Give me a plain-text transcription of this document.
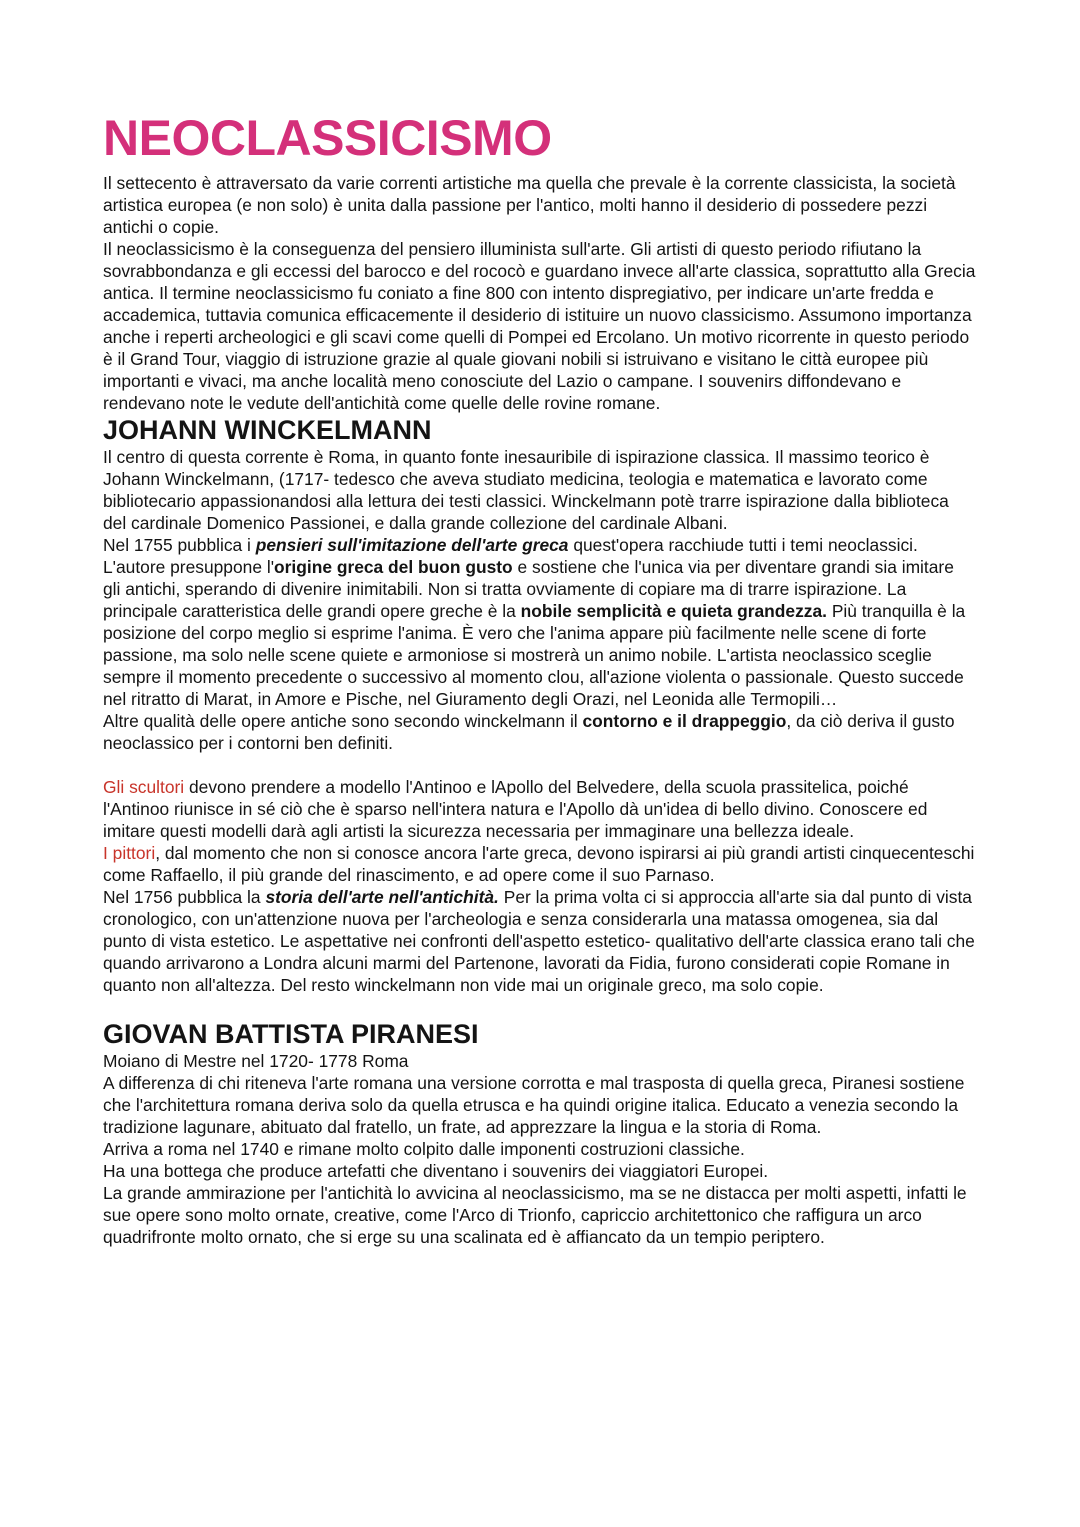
NEOCLASSICISMO

Il settecento è attraversato da varie correnti artistiche ma quella che prevale è la corrente classicista, la società artistica europea (e non solo) è unita dalla passione per l'antico, molti hanno il desiderio di possedere pezzi antichi o copie.

Il neoclassicismo è la conseguenza del pensiero illuminista sull'arte. Gli artisti di questo periodo rifiutano la sovrabbondanza e gli eccessi del barocco e del rococò e guardano invece all'arte classica, soprattutto alla Grecia antica. Il termine neoclassicismo fu coniato a fine 800 con intento dispregiativo, per indicare un'arte fredda e accademica, tuttavia comunica efficacemente il desiderio di istituire un nuovo classicismo. Assumono importanza anche i reperti archeologici e gli scavi come quelli di Pompei ed Ercolano. Un motivo ricorrente in questo periodo è il Grand Tour, viaggio di istruzione grazie al quale giovani nobili si istruivano e visitano le città europee più importanti e vivaci, ma anche località meno conosciute del Lazio o campane. I souvenirs diffondevano e rendevano note le vedute dell'antichità come quelle delle rovine romane.

JOHANN WINCKELMANN

Il centro di questa corrente è Roma, in quanto fonte inesauribile di ispirazione classica. Il massimo teorico è Johann Winckelmann, (1717- tedesco che aveva studiato medicina, teologia e matematica e lavorato come bibliotecario appassionandosi alla lettura dei testi classici. Winckelmann potè trarre ispirazione dalla biblioteca del cardinale Domenico Passionei, e dalla grande collezione del cardinale Albani.

Nel 1755 pubblica i pensieri sull'imitazione dell'arte greca quest'opera racchiude tutti i temi neoclassici. L'autore presuppone l'origine greca del buon gusto e sostiene che l'unica via per diventare grandi sia imitare gli antichi, sperando di divenire inimitabili. Non si tratta ovviamente di copiare ma di trarre ispirazione. La principale caratteristica delle grandi opere greche è la nobile semplicità e quieta grandezza. Più tranquilla è la posizione del corpo meglio si esprime l'anima. È vero che l'anima appare più facilmente nelle scene di forte passione, ma solo nelle scene quiete e armoniose si mostrerà un animo nobile. L'artista neoclassico sceglie sempre il momento precedente o successivo al momento clou, all'azione violenta o passionale. Questo succede nel ritratto di Marat, in Amore e Pische, nel Giuramento degli Orazi, nel Leonida alle Termopili…

Altre qualità delle opere antiche sono secondo winckelmann il contorno e il drappeggio, da ciò deriva il gusto neoclassico per i contorni ben definiti.

Gli scultori devono prendere a modello l'Antinoo e lApollo del Belvedere, della scuola prassitelica, poiché l'Antinoo riunisce in sé ciò che è sparso nell'intera natura e l'Apollo dà un'idea di bello divino. Conoscere ed imitare questi modelli darà agli artisti la sicurezza necessaria per immaginare una bellezza ideale.

I pittori, dal momento che non si conosce ancora l'arte greca, devono ispirarsi ai più grandi artisti cinquecenteschi come Raffaello, il più grande del rinascimento, e ad opere come il suo Parnaso.

Nel 1756 pubblica la storia dell'arte nell'antichità. Per la prima volta ci si approccia all'arte sia dal punto di vista cronologico, con un'attenzione nuova per l'archeologia e senza considerarla una matassa omogenea, sia dal punto di vista estetico. Le aspettative nei confronti dell'aspetto estetico- qualitativo dell'arte classica erano tali che quando arrivarono a Londra alcuni marmi del Partenone, lavorati da Fidia, furono considerati copie Romane in quanto non all'altezza. Del resto winckelmann non vide mai un originale greco, ma solo copie.

GIOVAN BATTISTA PIRANESI

Moiano di Mestre nel 1720- 1778 Roma

A differenza di chi riteneva l'arte romana una versione corrotta e mal trasposta di quella greca, Piranesi sostiene che l'architettura romana deriva solo da quella etrusca e ha quindi origine italica. Educato a venezia secondo la tradizione lagunare, abituato dal fratello, un frate, ad apprezzare la lingua e la storia di Roma.

Arriva a roma nel 1740 e rimane molto colpito dalle imponenti costruzioni classiche.

Ha una bottega che produce artefatti che diventano i souvenirs dei viaggiatori Europei.

La grande ammirazione per l'antichità lo avvicina al neoclassicismo, ma se ne distacca per molti aspetti, infatti le sue opere sono molto ornate, creative, come l'Arco di Trionfo, capriccio architettonico che raffigura un arco quadrifronte molto ornato, che si erge su una scalinata ed è affiancato da un tempio periptero.
